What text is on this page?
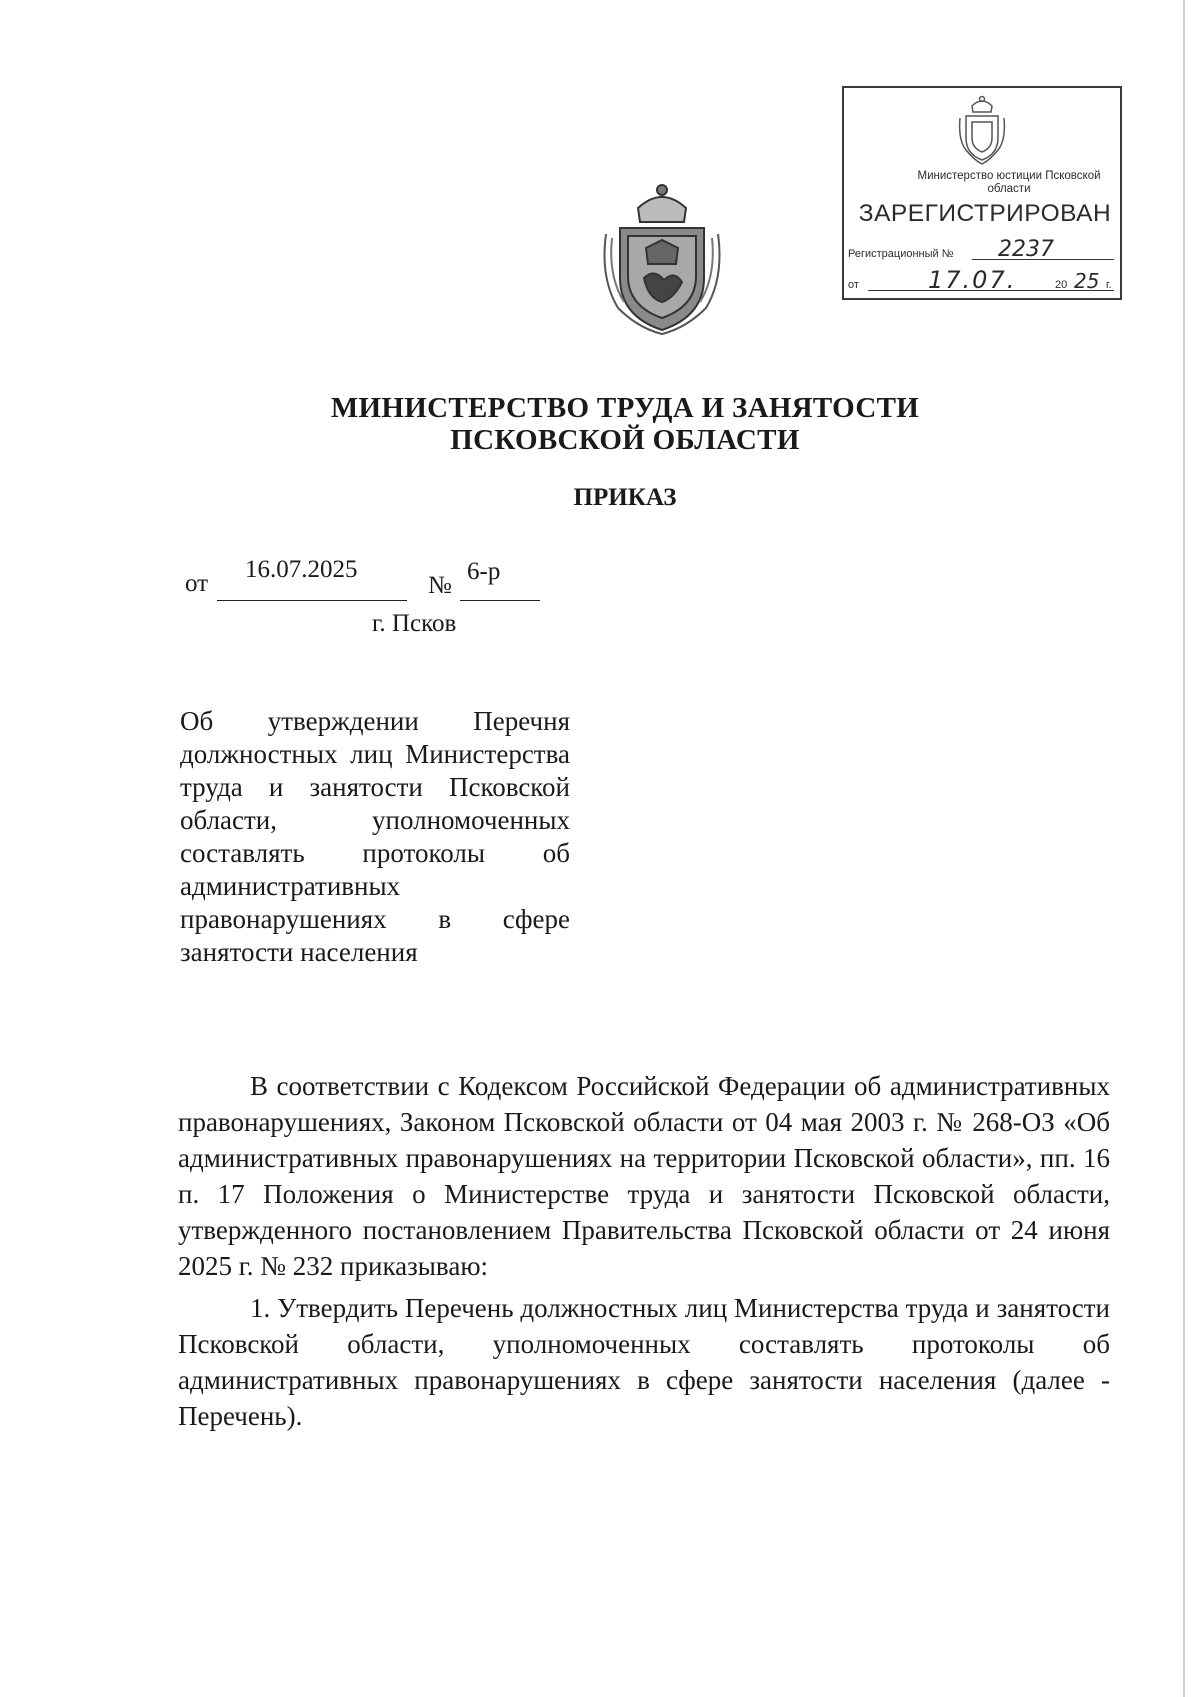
Министерство юстиции Псковской области
ЗАРЕГИСТРИРОВАН
Регистрационный № 2237
от	17.07.	20 25 г.
МИНИСТЕРСТВО ТРУДА И ЗАНЯТОСТИ ПСКОВСКОЙ ОБЛАСТИ
ПРИКАЗ
от
16.07.2025
№
6-р
г. Псков
Об утверждении Перечня должностных лиц Министерства труда и занятости Псковской области, уполномоченных составлять протоколы об административных правонарушениях в сфере занятости населения

В соответствии с Кодексом Российской Федерации об административных правонарушениях, Законом Псковской области от 04 мая 2003 г. № 268-ОЗ «Об административных правонарушениях на территории Псковской области», пп. 16 п. 17 Положения о Министерстве труда и занятости Псковской области, утвержденного постановлением Правительства Псковской области от 24 июня 2025 г. № 232 приказываю:

1. Утвердить Перечень должностных лиц Министерства труда и занятости Псковской области, уполномоченных составлять протоколы об административных правонарушениях в сфере занятости населения (далее - Перечень).
